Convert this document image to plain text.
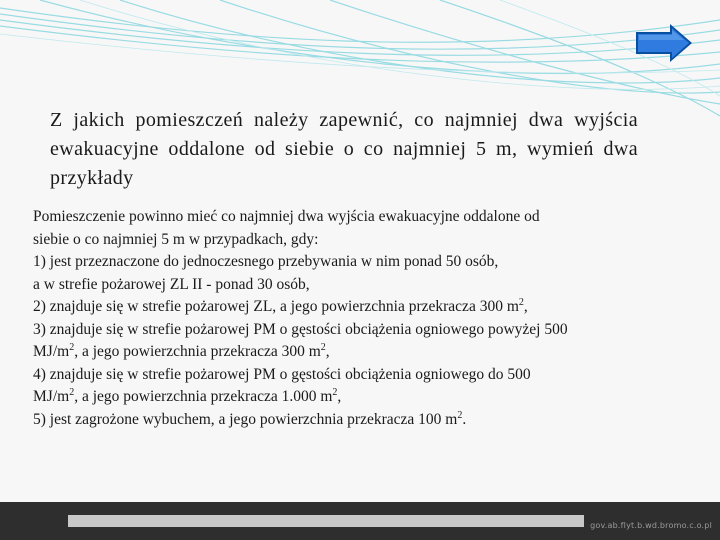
Z jakich pomieszczeń należy zapewnić, co najmniej dwa wyjścia ewakuacyjne oddalone od siebie o co najmniej 5 m, wymień dwa przykłady

Pomieszczenie powinno mieć co najmniej dwa wyjścia ewakuacyjne oddalone od

siebie o co najmniej 5 m w przypadkach, gdy:

1) jest przeznaczone do jednoczesnego przebywania w nim ponad 50 osób,

a w strefie pożarowej ZL II - ponad 30 osób,

2) znajduje się w strefie pożarowej ZL, a jego powierzchnia przekracza 300 $m^2$,

3) znajduje się w strefie pożarowej PM o gęstości obciążenia ogniowego powyżej 500

$MJ/m^2$, a jego powierzchnia przekracza 300 $m^2$,

4) znajduje się w strefie pożarowej PM o gęstości obciążenia ogniowego do 500

$MJ/m^2$, a jego powierzchnia przekracza 1.000 $m^2$,

5) jest zagrożone wybuchem, a jego powierzchnia przekracza 100 $m^2$.

gov.ab.flyt.b.wd.bromo.c.o.pl
